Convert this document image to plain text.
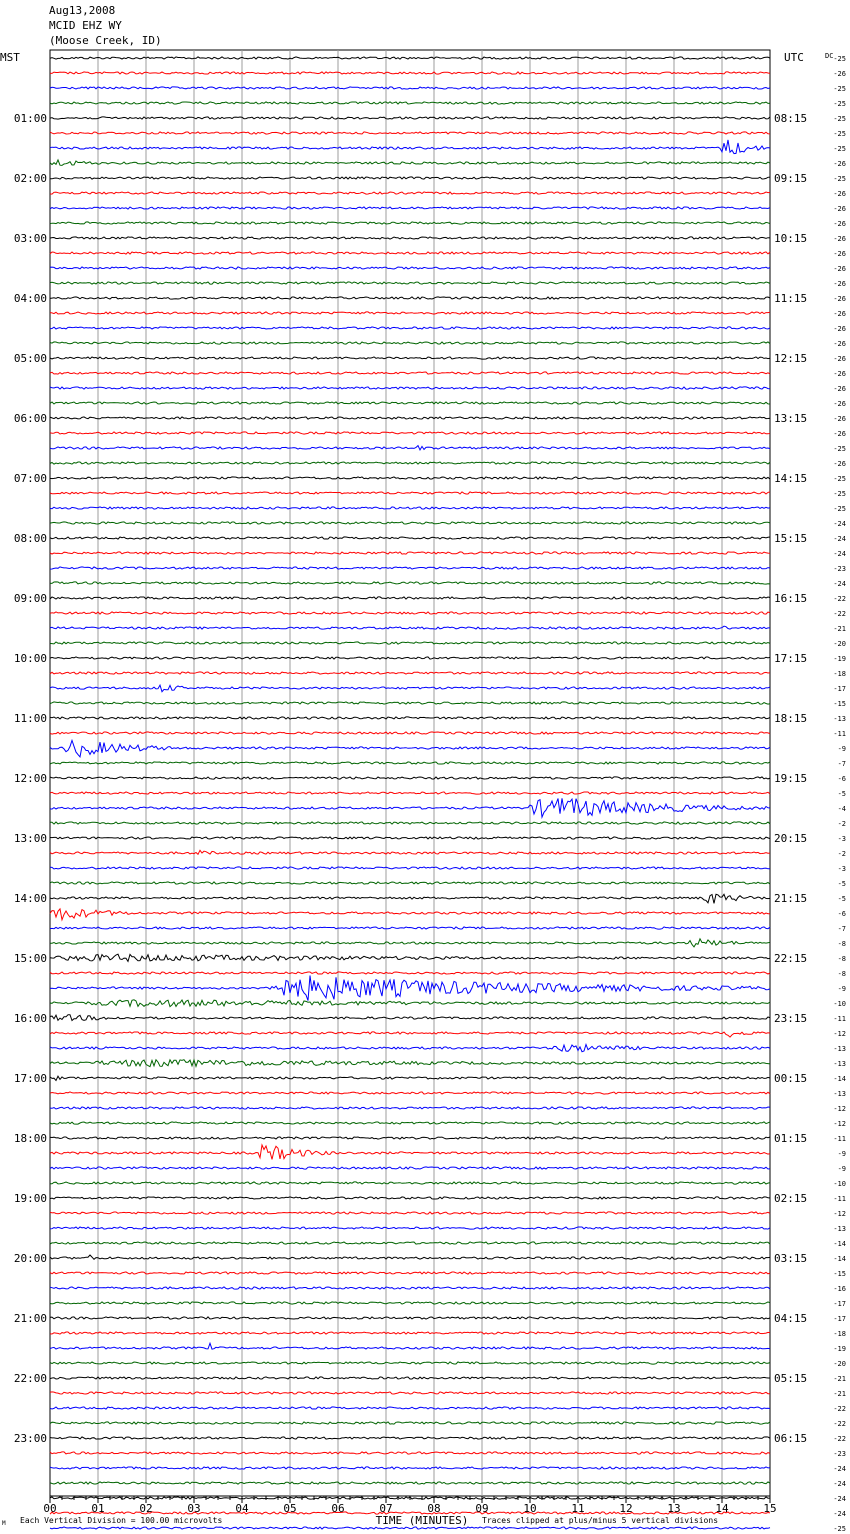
Aug13,2008
MCID EHZ WY
(Moose Creek, ID)
-25
-26
-25
-25
-25
-25
-25
-26
-25
-26
-26
-26
-26
-26
-26
-26
-26
-26
-26
-26
-26
-26
-26
-26
-26
-26
-25
-26
-25
-25
-25
-24
-24
-24
-23
-24
-22
-22
-21
-20
-19
-18
-17
-15
-13
-11
-9
-7
-6
-5
-4
-2
-3
-2
-3
-5
-5
-6
-7
-8
-8
-8
-9
-10
-11
-12
-13
-13
-14
-13
-12
-12
-11
-9
-9
-10
-11
-12
-13
-14
-14
-15
-16
-17
-17
-18
-19
-20
-21
-21
-22
-22
-22
-23
-24
-24
-24
-24
-25
MST	UTC	DC
01:00
02:00
03:00
04:00
05:00
06:00
07:00
08:00
09:00
10:00
11:00
12:00
13:00
14:00
15:00
16:00
17:00
18:00
19:00
20:00
21:00
22:00
23:00
08:15
09:15
10:15
11:15
12:15
13:15
14:15
15:15
16:15
17:15
18:15
19:15
20:15
21:15
22:15
23:15
00:15
01:15
02:15
03:15
04:15
05:15
06:15
00	01	02	03	04	05	06	07	08	09	10	11	12	13	14	15
TIME (MINUTES)
Each Vertical Division = 100.00 microvolts	Traces clipped at plus/minus 5 vertical divisions
M
